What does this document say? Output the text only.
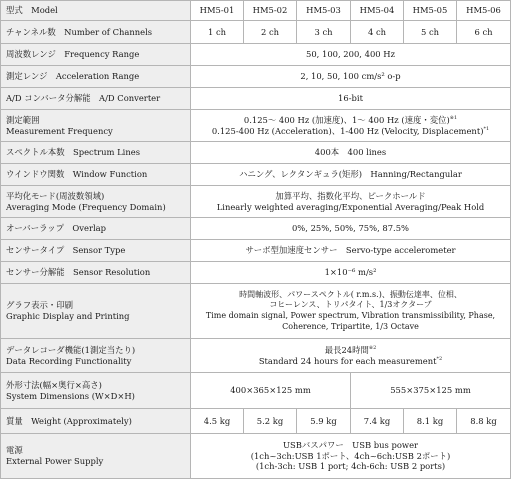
型式　Model	HM5-01	HM5-02	HM5-03	HM5-04	HM5-05	HM5-06
チャンネル数　Number of Channels	1 ch	2 ch	3 ch	4 ch	5 ch	6 ch
周波数レンジ　Frequency Range	50, 100, 200, 400 Hz					
測定レンジ　Acceleration Range	2, 10, 50, 100 cm/s² o-p					
A/D コンバータ分解能　A/D Converter	16-bit					

測定範囲
Measurement Frequency	0.125～ 400 Hz (加速度)、1～ 400 Hz (速度・変位)$^{※1}$
0.125-400 Hz (Acceleration)、1-400 Hz (Velocity, Displacement)$^{*1}$

スペクトル本数　Spectrum Lines	400本　400 lines					
ウインドウ関数　Window Function	ハニング、レクタンギュラ(矩形)　Hanning/Rectangular					

平均化モード(周波数領域)
Averaging Mode (Frequency Domain)	加算平均、指数化平均、ピークホールド
Linearly weighted averaging/Exponential Averaging/Peak Hold					

オーバーラップ　Overlap	0%, 25%, 50%, 75%, 87.5%					
センサータイプ　Sensor Type	サーボ型加速度センサー　Servo-type accelerometer					
センサー分解能　Sensor Resolution	1×10⁻⁶ m/s²					

グラフ表示・印刷
Graphic Display and Printing	時間軸波形、パワースペクトル( r.m.s.)、振動伝達率、位相、
コヒーレンス、トリパタイト、1/3オクターブ
Time domain signal, Power spectrum, Vibration transmissibility, Phase,
Coherence, Tripartite, 1/3 Octave					

データレコーダ機能(1測定当たり)
Data Recording Functionality	最長24時間$^{※2}$
Standard 24 hours for each measurement$^{*2}$

外形寸法(幅×奥行×高さ)
System Dimensions (W×D×H)	400×365×125 mm			555×375×125 mm		
質量　Weight (Approximately)	4.5 kg	5.2 kg	5.9 kg	7.4 kg	8.1 kg	8.8 kg

電源
External Power Supply	USBバスパワー　USB bus power
(1ch~3ch:USB 1ポート、4ch~6ch:USB 2ポート)
(1ch-3ch: USB 1 port; 4ch-6ch: USB 2 ports)					
